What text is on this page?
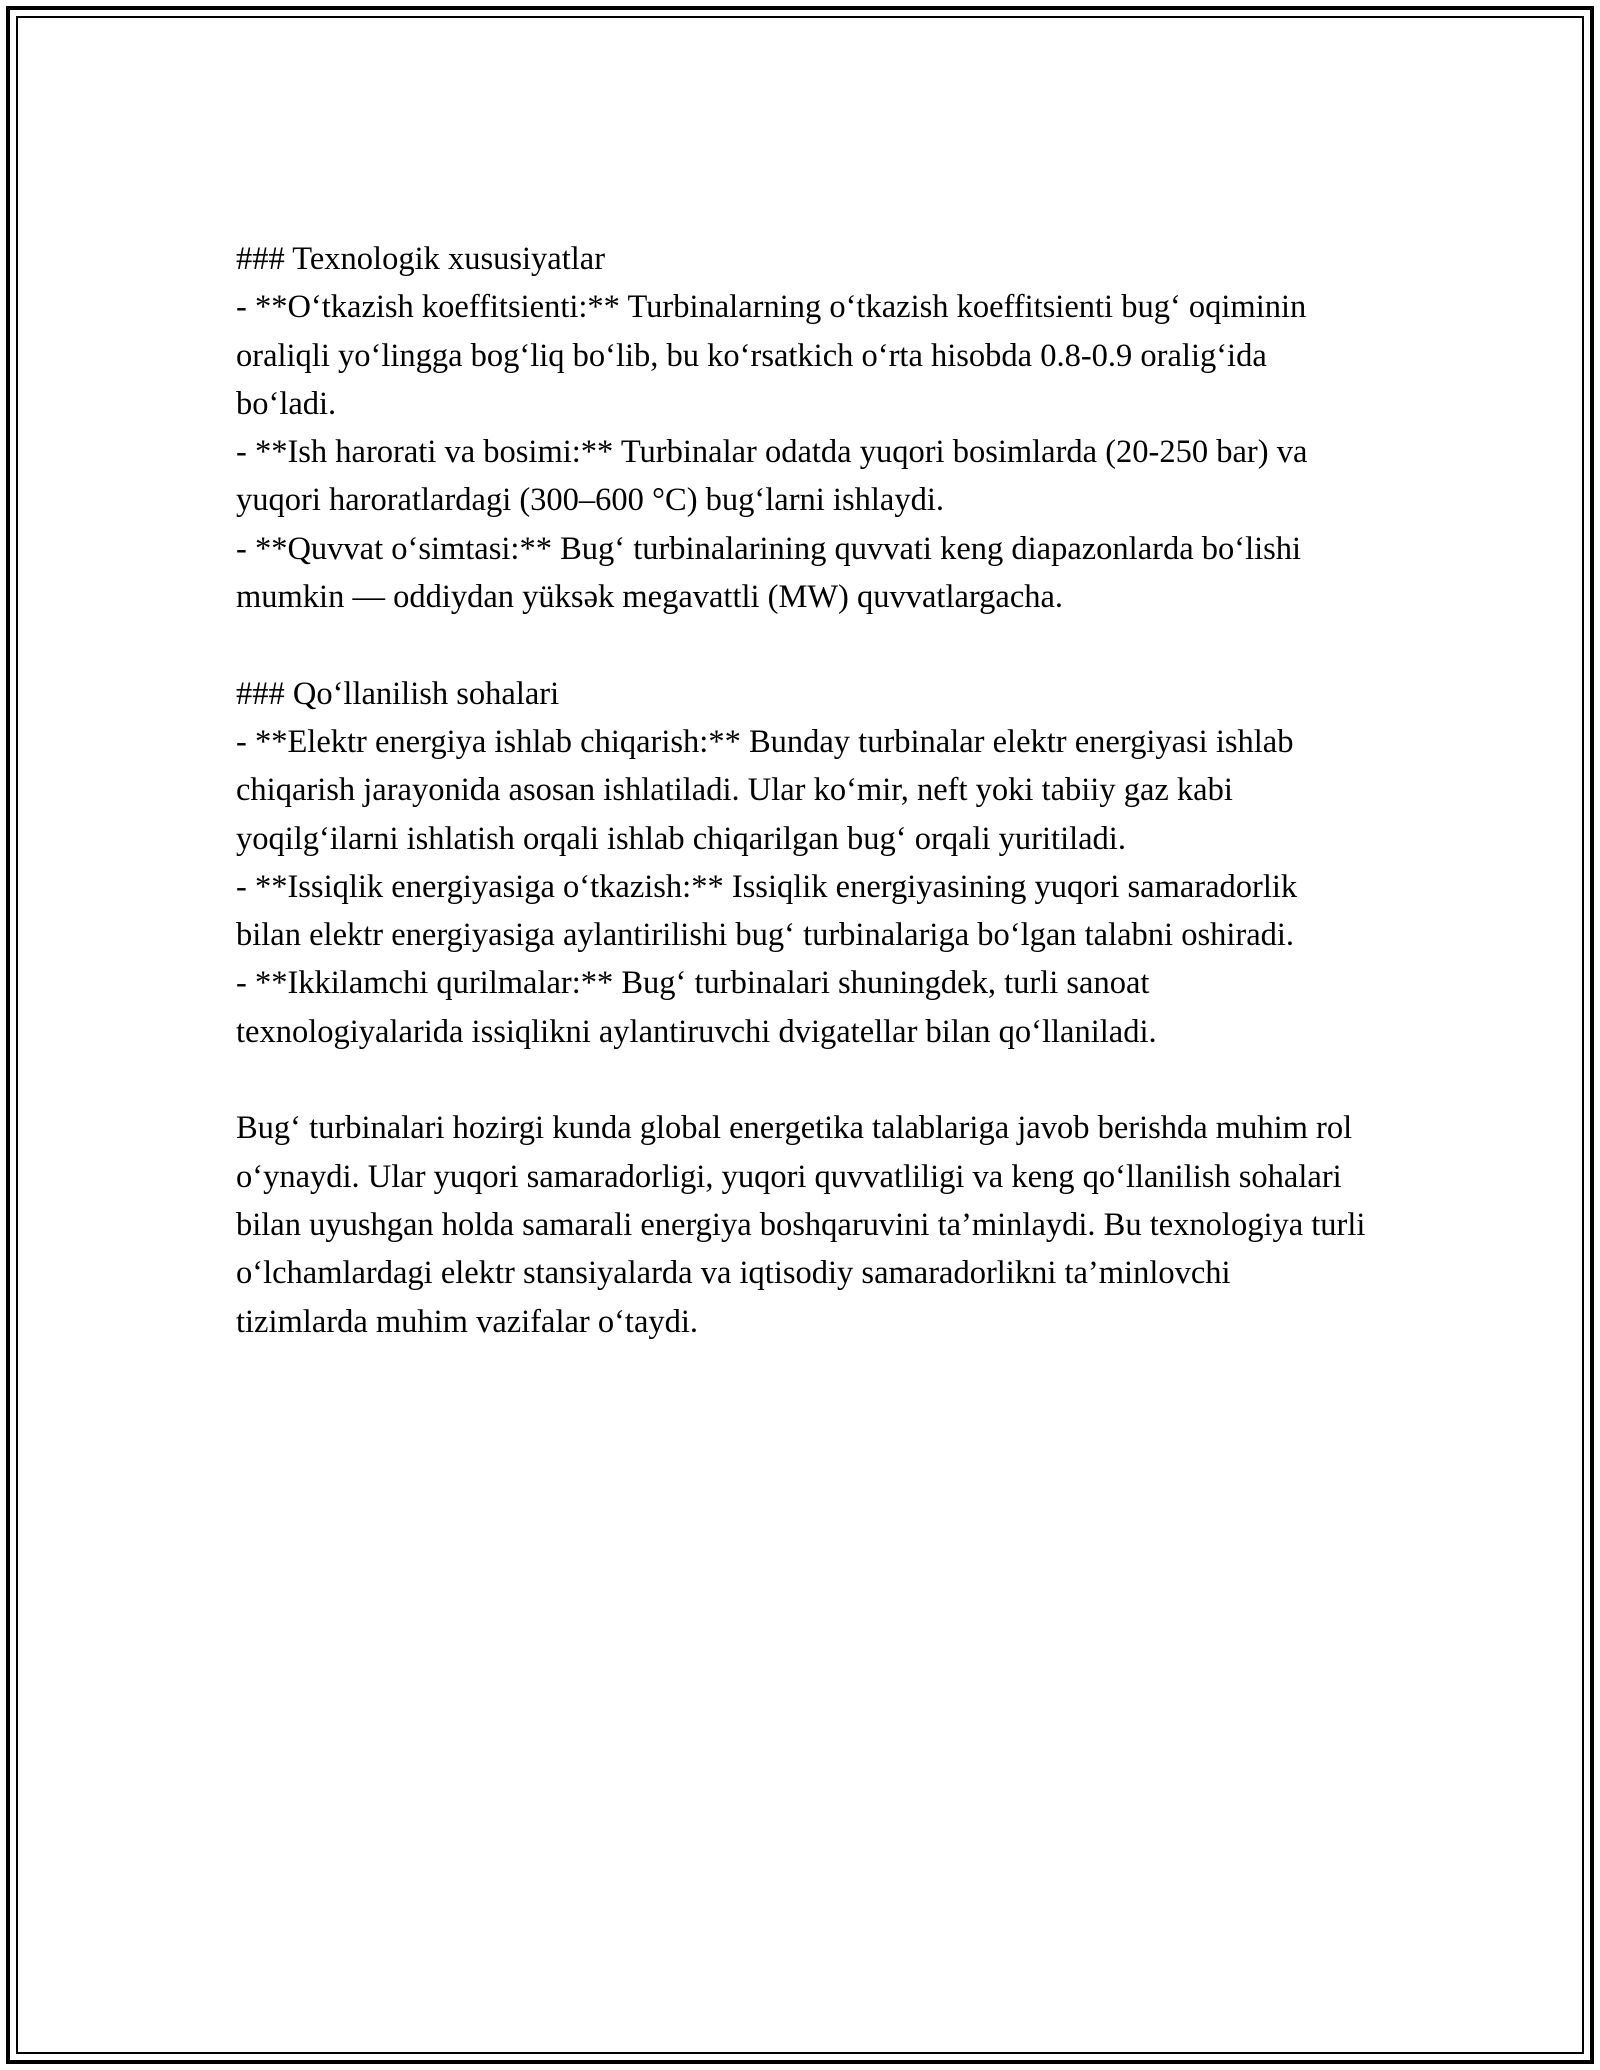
### Texnologik xususiyatlar

- **O‘tkazish koeffitsienti:** Turbinalarning o‘tkazish koeffitsienti bug‘ oqiminin oraliqli yo‘lingga bog‘liq bo‘lib, bu ko‘rsatkich o‘rta hisobda 0.8-0.9 oralig‘ida bo‘ladi.

- **Ish harorati va bosimi:** Turbinalar odatda yuqori bosimlarda (20-250 bar) va yuqori haroratlardagi (300–600 °C) bug‘larni ishlaydi.

- **Quvvat o‘simtasi:** Bug‘ turbinalarining quvvati keng diapazonlarda bo‘lishi mumkin — oddiydan yüksək megavattli (MW) quvvatlargacha.

### Qo‘llanilish sohalari

- **Elektr energiya ishlab chiqarish:** Bunday turbinalar elektr energiyasi ishlab chiqarish jarayonida asosan ishlatiladi. Ular ko‘mir, neft yoki tabiiy gaz kabi yoqilg‘ilarni ishlatish orqali ishlab chiqarilgan bug‘ orqali yuritiladi.

- **Issiqlik energiyasiga o‘tkazish:** Issiqlik energiyasining yuqori samaradorlik bilan elektr energiyasiga aylantirilishi bug‘ turbinalariga bo‘lgan talabni oshiradi.

- **Ikkilamchi qurilmalar:** Bug‘ turbinalari shuningdek, turli sanoat texnologiyalarida issiqlikni aylantiruvchi dvigatellar bilan qo‘llaniladi.

Bug‘ turbinalari hozirgi kunda global energetika talablariga javob berishda muhim rol o‘ynaydi. Ular yuqori samaradorligi, yuqori quvvatliligi va keng qo‘llanilish sohalari bilan uyushgan holda samarali energiya boshqaruvini ta’minlaydi. Bu texnologiya turli o‘lchamlardagi elektr stansiyalarda va iqtisodiy samaradorlikni ta’minlovchi tizimlarda muhim vazifalar o‘taydi.
